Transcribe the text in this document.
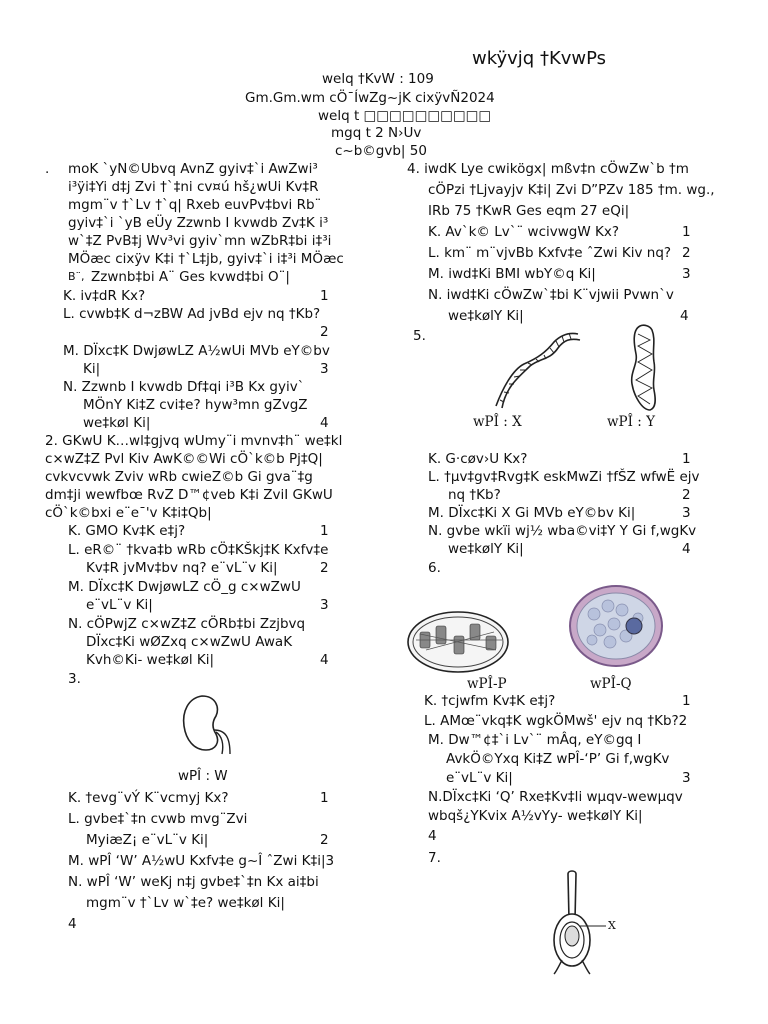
wkÿvjq †KvwPs
welq †KvW : 109
Gm.Gm.wm cÖ¯ÍwZg~jK cixÿvÑ2024
welq t □□□□□□□□□□
mgq t 2 N›Uv
c~b©gvb| 50
. moK `yN©Ubvq AvnZ gyiv‡`i AwZwi³
i³ÿi‡Yi d‡j Zvi †`‡ni cv¤ú hš¿wUi Kv‡R
mgm¨v †`Lv †`q| Rxeb euvPv‡bvi Rb¨
gyiv‡`i `yB eÜy Zzwnb I kvwdb Zv‡K i³
w`‡Z PvB‡j Wv³vi gyiv`mn wZbR‡bi i‡³i
MÖæc cixÿv K‡i †`L‡jb, gyiv‡`i i‡³i MÖæc
B¨, Zzwnb‡bi A¨ Ges kvwd‡bi O¨|
K. iv‡dR Kx?	1
L. cvwb‡K d¬zBW Ad jvBd ejv nq †Kb?
2
M. DÏxc‡K DwjøwLZ A½wUi MVb eY©bv
Ki|	3
N. Zzwnb I kvwdb Df‡qi i³B Kx gyiv`
MÖnY Ki‡Z cvi‡e? hyw³mn gZvgZ
we‡køl Ki|	4
2. GKwU K…wl‡gjvq wUmy¨i mvnv‡h¨ we‡kl
c×wZ‡Z Pvl Kiv AwK©©Wi cÖ`k©b Pj‡Q|
cvkvcvwk Zviv wRb cwieZ©b Gi gva¨‡g
dm‡ji wewfbœ RvZ D™¢veb K‡i ZviI GKwU
cÖ`k©bxi e¨e¯'v K‡i‡Qb|
K. GMO Kv‡K e‡j?	1
L. eR©¨ †kva‡b wRb cÖ‡KŠkj‡K Kxfv‡e
Kv‡R jvMv‡bv nq? e¨vL¨v Ki|	2
M. DÏxc‡K DwjøwLZ cÖ_g c×wZwU
e¨vL¨v Ki|	3
N. cÖPwjZ c×wZ‡Z cÖRb‡bi Zzjbvq
DÏxc‡Ki wØZxq c×wZwU AwaK
Kvh©Ki- we‡køl Ki|	4
3.
wPÎ : W
K. †evg¨vÝ K¨vcmyj Kx?	1
L. gvbe‡`‡n cvwb mvg¨Zvi
MyiæZ¡ e¨vL¨v Ki|	2
M. wPÎ ‘W’ A½wU Kxfv‡e g~Î ˆZwi K‡i|3
N. wPÎ ‘W’ weKj n‡j gvbe‡`‡n Kx ai‡bi
mgm¨v †`Lv w`‡e? we‡køl Ki|
4
4. iwdK Lye cwikögx| mßv‡n cÖwZw`b †m
cÖPzi †Ljvayjv K‡i| Zvi D”PZv 185 †m. wg.,
IRb 75 †KwR Ges eqm 27 eQi|
K. Av`k© Lv`¨ wcivwgW Kx?	1
L. km¨ m¨vjvBb Kxfv‡e ˆZwi Kiv nq? 2
M. iwd‡Ki BMI wbY©q Ki|	3
N. iwd‡Ki cÖwZw`‡bi K¨vjwii Pvwn`v
we‡kølY Ki|	4
5.
wPÎ : X	wPÎ : Y
K. G·cøv›U Kx?	1
L. †µv‡gv‡Rvg‡K eskMwZi †fŠZ wfwË ejv
nq †Kb?	2
M. DÏxc‡Ki X Gi MVb eY©bv Ki|	3
N. gvbe wkïi wj½ wba©vi‡Y Y Gi f‚wgKv
we‡kølY Ki|	4
6.
wPÎ-P	wPÎ-Q
K. †cjwfm Kv‡K e‡j?	1
L. AMœ¨vkq‡K wgkÖMwš' ejv nq †Kb?2
M. Dw™¢‡`i Lv`¨ mÂq, eY©gq I
AvkÖ©Yxq Ki‡Z wPÎ-‘P’ Gi f‚wgKv
e¨vL¨v Ki|	3
N.DÏxc‡Ki ‘Q’ Rxe‡Kv‡li wµqv-wewµqv
wbqš¿YKvix A½vYy- we‡kølY Ki|
4
7.
X
